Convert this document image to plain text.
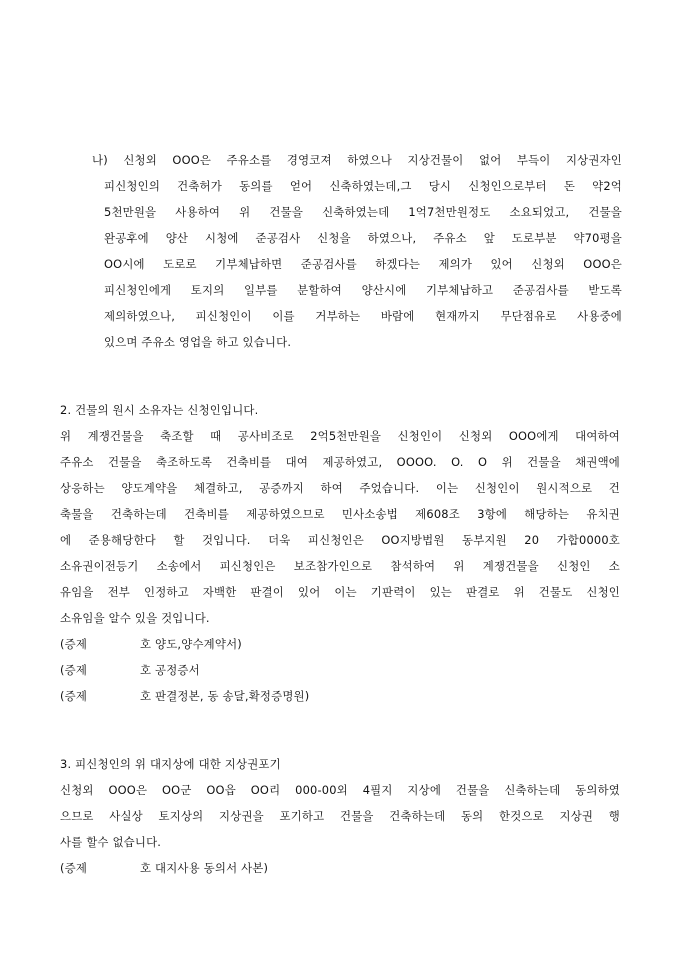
나) 신청외 OOO은 주유소를 경영코져 하였으나 지상건물이 없어 부득이 지상권자인
피신청인의 건축허가 동의를 얻어 신축하였는데,그 당시 신청인으로부터 돈 약2억
5천만원을 사용하여 위 건물을 신축하였는데 1억7천만원정도 소요되었고, 건물을
완공후에 양산 시청에 준공검사 신청을 하였으나, 주유소 앞 도로부분 약70평을
OO시에 도로로 기부체납하면 준공검사를 하겠다는 제의가 있어 신청외 OOO은
피신청인에게 토지의 일부를 분할하여 양산시에 기부체납하고 준공검사를 받도록
제의하였으나, 피신청인이 이를 거부하는 바람에 현재까지 무단점유로 사용중에
있으며 주유소 영업을 하고 있습니다.
2. 건물의 원시 소유자는 신청인입니다.
위 계쟁건물을 축조할 때 공사비조로 2억5천만원을 신청인이 신청외 OOO에게 대여하여
주유소 건물을 축조하도록 건축비를 대여 제공하였고, OOOO. O. O 위 건물을 채권액에
상응하는 양도계약을 체결하고, 공증까지 하여 주었습니다. 이는 신청인이 원시적으로 건
축물을 건축하는데 건축비를 제공하였으므로 민사소송법 제608조 3항에 해당하는 유치권
에 준용해당한다 할 것입니다. 더욱 피신청인은 OO지방법원 동부지원 20 가합0000호
소유권이전등기 소송에서 피신청인은 보조참가인으로 참석하여 위 계쟁건물을 신청인 소
유임을 전부 인정하고 자백한 판결이 있어 이는 기판력이 있는 판결로 위 건물도 신청인
소유임을 알수 있을 것입니다.
(증제	호 양도,양수계약서)
(증제	호 공정증서
(증제	호 판결정본, 동 송달,확정증명원)
3. 피신청인의 위 대지상에 대한 지상권포기
신청외 OOO은 OO군 OO읍 OO리 000-00외 4필지 지상에 건물을 신축하는데 동의하였
으므로 사실상 토지상의 지상권을 포기하고 건물을 건축하는데 동의 한것으로 지상권 행
사를 할수 없습니다.
(증제	호 대지사용 동의서 사본)
